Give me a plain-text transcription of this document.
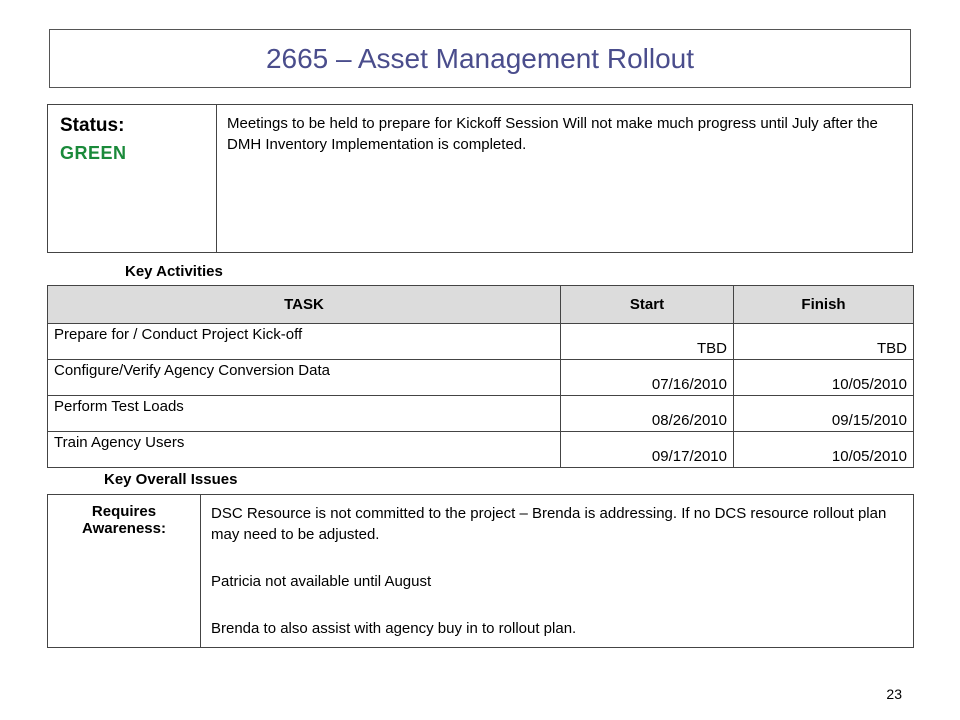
2665 – Asset Management Rollout
Status:
GREEN
Meetings to be held to prepare for Kickoff Session Will not make much progress until July after the DMH Inventory Implementation is completed.
Key Activities
TASK	Start	Finish
Prepare for / Conduct Project Kick-off	TBD	TBD

Configure/Verify Agency Conversion Data	07/16/2010	10/05/2010

Perform Test Loads	08/26/2010	09/15/2010

Train Agency Users	09/17/2010	10/05/2010
Key Overall Issues
Requires Awareness:	

DSC Resource is not committed to the project – Brenda is addressing. If no DCS resource rollout plan may need to be adjusted.

Patricia not available until August

Brenda to also assist with agency buy in to rollout plan.

23
